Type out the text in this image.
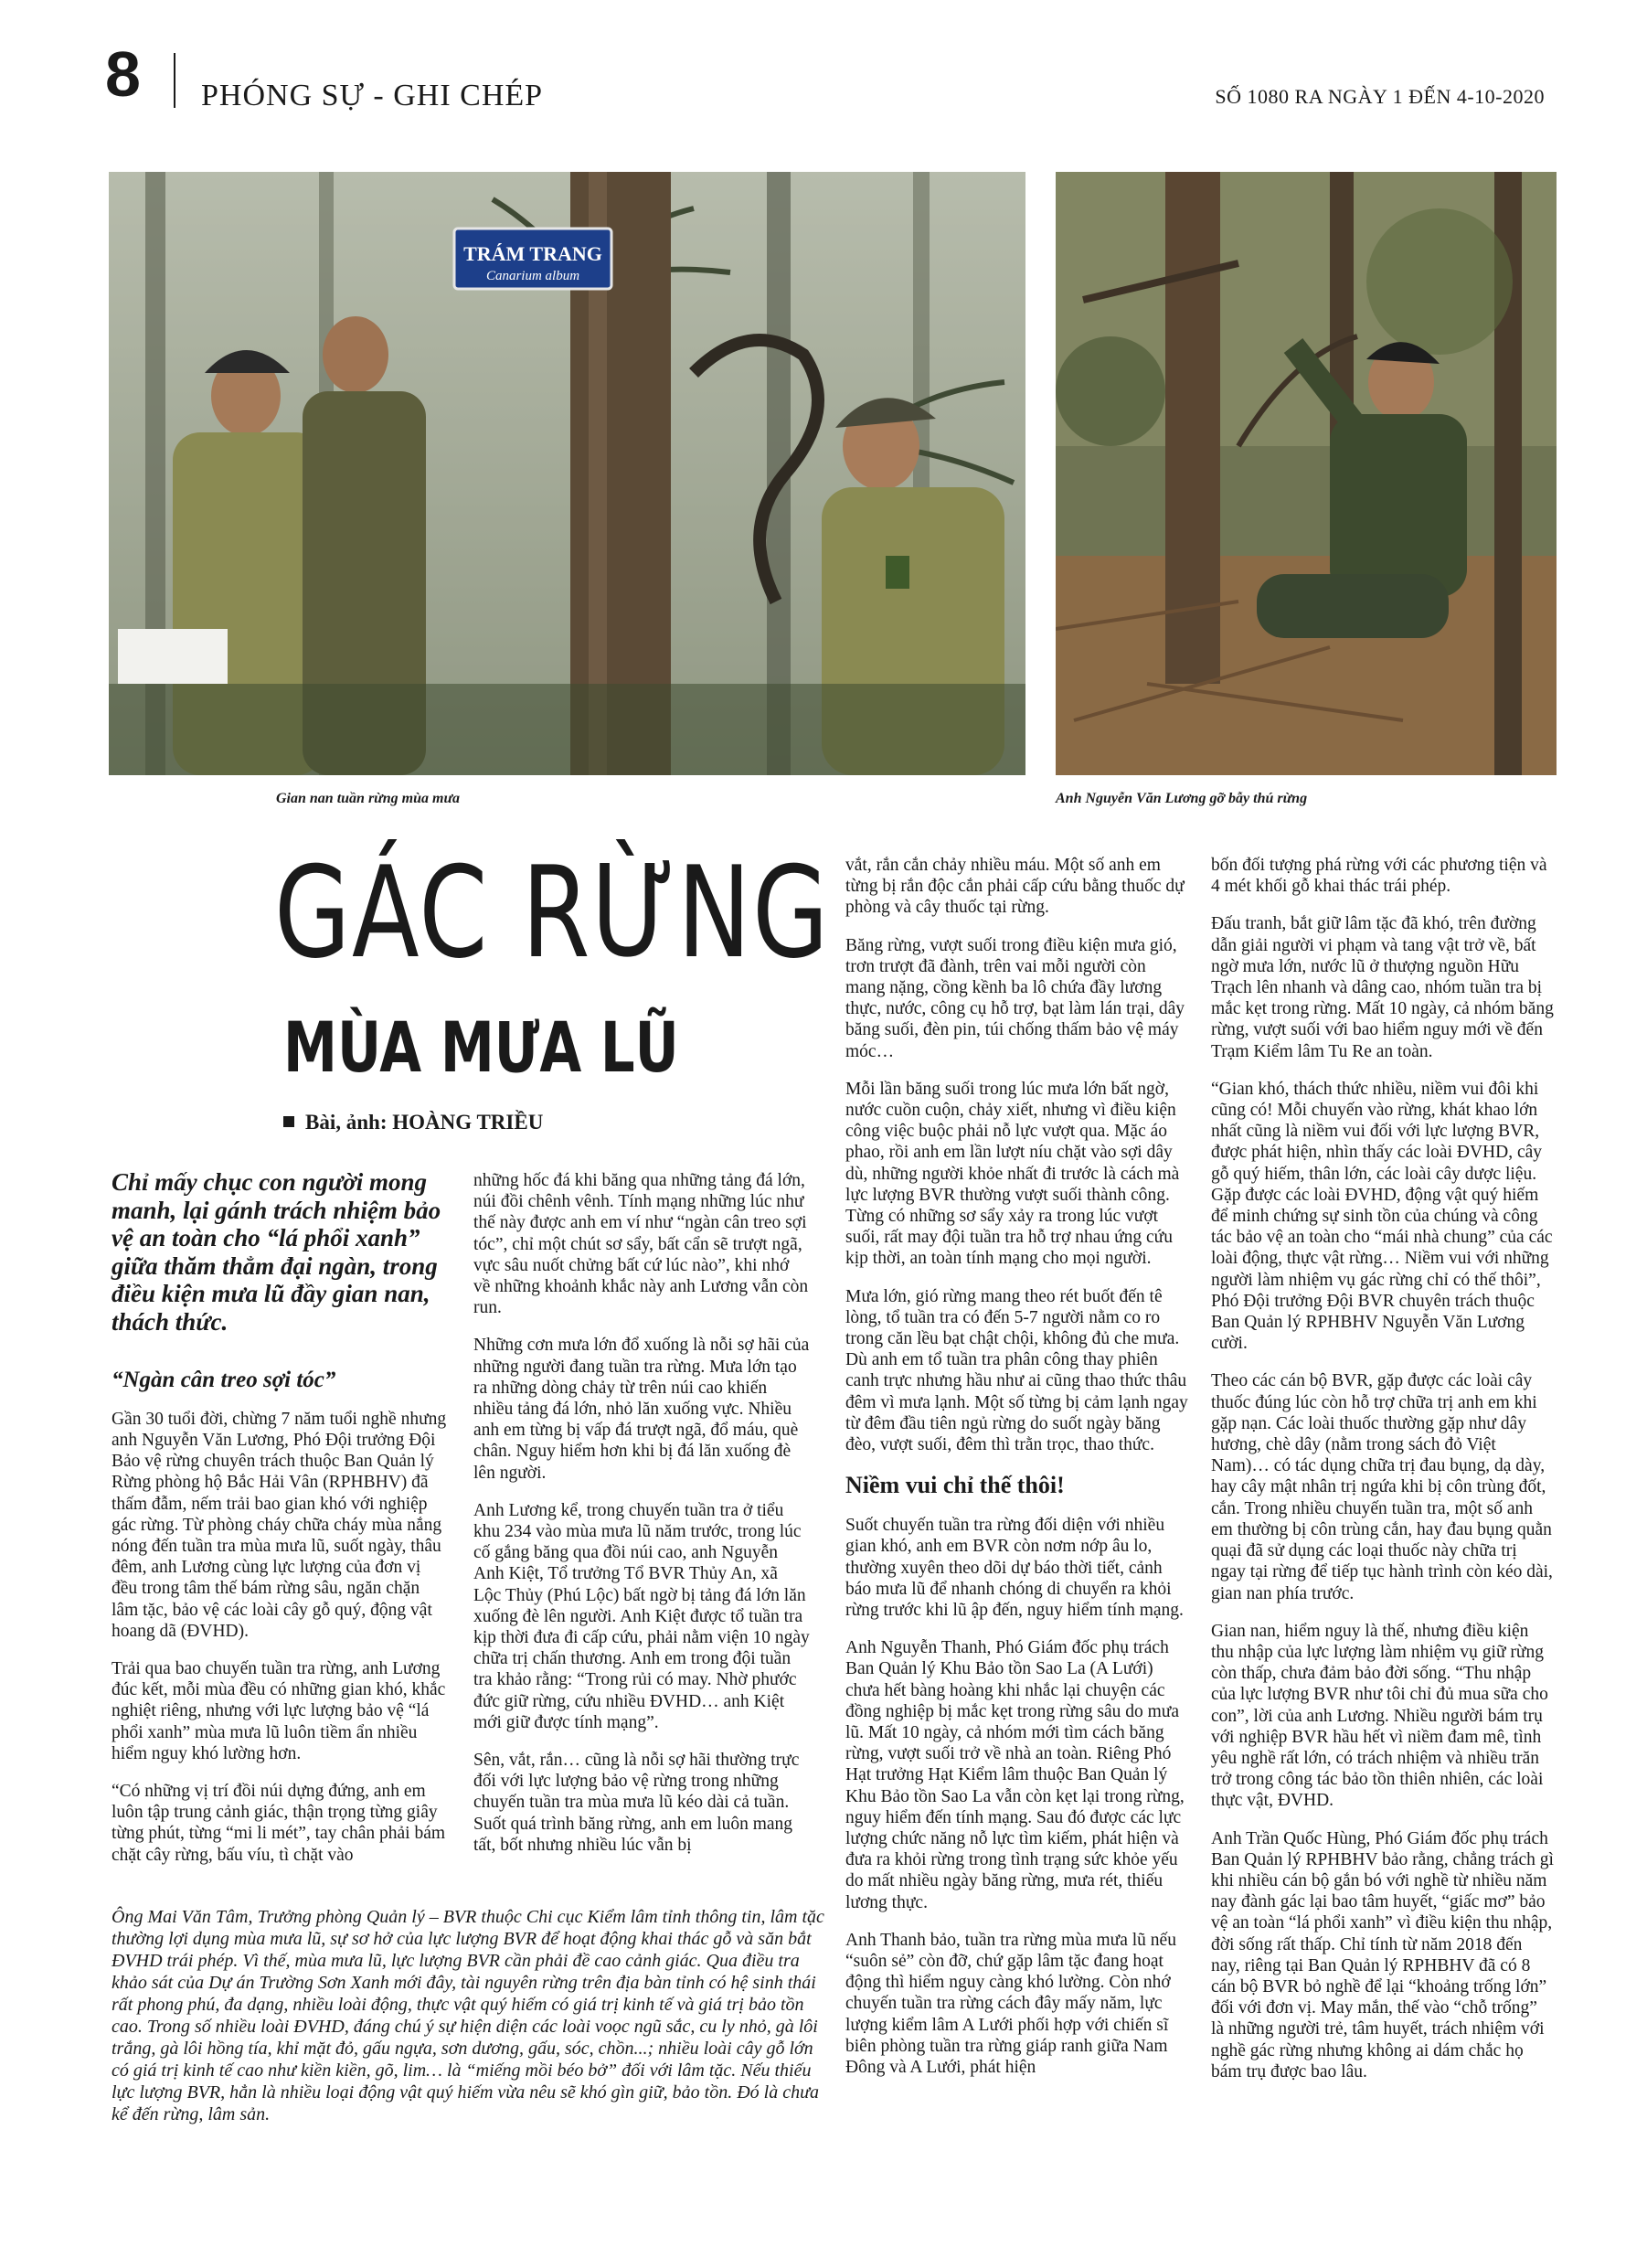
8 PHÓNG SỰ - GHI CHÉP	SỐ 1080 RA NGÀY 1 ĐẾN 4-10-2020
TRÁM TRANG
Canarium album
Gian nan tuần rừng mùa mưa	Anh Nguyễn Văn Lương gỡ bẫy thú rừng
GÁC RỪNG
MÙA MƯA LŨ
Bài, ảnh: HOÀNG TRIỀU
Chỉ mấy chục con người mong manh, lại gánh trách nhiệm bảo vệ an toàn cho “lá phổi xanh” giữa thăm thẳm đại ngàn, trong điều kiện mưa lũ đầy gian nan, thách thức.
“Ngàn cân treo sợi tóc”

Gần 30 tuổi đời, chừng 7 năm tuổi nghề nhưng anh Nguyễn Văn Lương, Phó Đội trưởng Đội Bảo vệ rừng chuyên trách thuộc Ban Quản lý Rừng phòng hộ Bắc Hải Vân (RPHBHV) đã thấm đẫm, nếm trải bao gian khó với nghiệp gác rừng. Từ phòng cháy chữa cháy mùa nắng nóng đến tuần tra mùa mưa lũ, suốt ngày, thâu đêm, anh Lương cùng lực lượng của đơn vị đều trong tâm thế bám rừng sâu, ngăn chặn lâm tặc, bảo vệ các loài cây gỗ quý, động vật hoang dã (ĐVHD).

Trải qua bao chuyến tuần tra rừng, anh Lương đúc kết, mỗi mùa đều có những gian khó, khắc nghiệt riêng, nhưng với lực lượng bảo vệ “lá phổi xanh” mùa mưa lũ luôn tiềm ẩn nhiều hiểm nguy khó lường hơn.

“Có những vị trí đồi núi dựng đứng, anh em luôn tập trung cảnh giác, thận trọng từng giây từng phút, từng “mi li mét”, tay chân phải bám chặt cây rừng, bấu víu, tì chặt vào

những hốc đá khi băng qua những tảng đá lớn, núi đồi chênh vênh. Tính mạng những lúc như thế này được anh em ví như “ngàn cân treo sợi tóc”, chỉ một chút sơ sẩy, bất cẩn sẽ trượt ngã, vực sâu nuốt chửng bất cứ lúc nào”, khi nhớ về những khoảnh khắc này anh Lương vẫn còn run.

Những cơn mưa lớn đổ xuống là nỗi sợ hãi của những người đang tuần tra rừng. Mưa lớn tạo ra những dòng chảy từ trên núi cao khiến nhiều tảng đá lớn, nhỏ lăn xuống vực. Nhiều anh em từng bị vấp đá trượt ngã, đổ máu, què chân. Nguy hiểm hơn khi bị đá lăn xuống đè lên người.

Anh Lương kể, trong chuyến tuần tra ở tiểu khu 234 vào mùa mưa lũ năm trước, trong lúc cố gắng băng qua đồi núi cao, anh Nguyễn Anh Kiệt, Tổ trưởng Tổ BVR Thủy An, xã Lộc Thủy (Phú Lộc) bất ngờ bị tảng đá lớn lăn xuống đè lên người. Anh Kiệt được tổ tuần tra kịp thời đưa đi cấp cứu, phải nằm viện 10 ngày chữa trị chấn thương. Anh em trong đội tuần tra khảo rằng: “Trong rủi có may. Nhờ phước đức giữ rừng, cứu nhiều ĐVHD… anh Kiệt mới giữ được tính mạng”.

Sên, vắt, rắn… cũng là nỗi sợ hãi thường trực đối với lực lượng bảo vệ rừng trong những chuyến tuần tra mùa mưa lũ kéo dài cả tuần. Suốt quá trình băng rừng, anh em luôn mang tất, bốt nhưng nhiều lúc vẫn bị

Ông Mai Văn Tâm, Trưởng phòng Quản lý – BVR thuộc Chi cục Kiểm lâm tỉnh thông tin, lâm tặc thường lợi dụng mùa mưa lũ, sự sơ hở của lực lượng BVR để hoạt động khai thác gỗ và săn bắt ĐVHD trái phép. Vì thế, mùa mưa lũ, lực lượng BVR cần phải đề cao cảnh giác. Qua điều tra khảo sát của Dự án Trường Sơn Xanh mới đây, tài nguyên rừng trên địa bàn tỉnh có hệ sinh thái rất phong phú, đa dạng, nhiều loài động, thực vật quý hiếm có giá trị kinh tế và giá trị bảo tồn cao. Trong số nhiều loài ĐVHD, đáng chú ý sự hiện diện các loài voọc ngũ sắc, cu ly nhỏ, gà lôi trắng, gà lôi hồng tía, khỉ mặt đỏ, gấu ngựa, sơn dương, gấu, sóc, chồn...; nhiều loài cây gỗ lớn có giá trị kinh tế cao như kiền kiền, gõ, lim… là “miếng mồi béo bở” đối với lâm tặc. Nếu thiếu lực lượng BVR, hẳn là nhiều loại động vật quý hiếm vừa nêu sẽ khó gìn giữ, bảo tồn. Đó là chưa kể đến rừng, lâm sản.

vắt, rắn cắn chảy nhiều máu. Một số anh em từng bị rắn độc cắn phải cấp cứu bằng thuốc dự phòng và cây thuốc tại rừng.

Băng rừng, vượt suối trong điều kiện mưa gió, trơn trượt đã đành, trên vai mỗi người còn mang nặng, cồng kềnh ba lô chứa đầy lương thực, nước, công cụ hỗ trợ, bạt làm lán trại, dây băng suối, đèn pin, túi chống thấm bảo vệ máy móc…

Mỗi lần băng suối trong lúc mưa lớn bất ngờ, nước cuồn cuộn, chảy xiết, nhưng vì điều kiện công việc buộc phải nỗ lực vượt qua. Mặc áo phao, rồi anh em lần lượt níu chặt vào sợi dây dù, những người khỏe nhất đi trước là cách mà lực lượng BVR thường vượt suối thành công. Từng có những sơ sẩy xảy ra trong lúc vượt suối, rất may đội tuần tra hỗ trợ nhau ứng cứu kịp thời, an toàn tính mạng cho mọi người.

Mưa lớn, gió rừng mang theo rét buốt đến tê lòng, tổ tuần tra có đến 5-7 người nằm co ro trong căn lều bạt chật chội, không đủ che mưa. Dù anh em tổ tuần tra phân công thay phiên canh trực nhưng hầu như ai cũng thao thức thâu đêm vì mưa lạnh. Một số từng bị cảm lạnh ngay từ đêm đầu tiên ngủ rừng do suốt ngày băng đèo, vượt suối, đêm thì trằn trọc, thao thức.

Niềm vui chỉ thế thôi!

Suốt chuyến tuần tra rừng đối diện với nhiều gian khó, anh em BVR còn nơm nớp âu lo, thường xuyên theo dõi dự báo thời tiết, cảnh báo mưa lũ để nhanh chóng di chuyển ra khỏi rừng trước khi lũ ập đến, nguy hiểm tính mạng.

Anh Nguyễn Thanh, Phó Giám đốc phụ trách Ban Quản lý Khu Bảo tồn Sao La (A Lưới) chưa hết bàng hoàng khi nhắc lại chuyện các đồng nghiệp bị mắc kẹt trong rừng sâu do mưa lũ. Mất 10 ngày, cả nhóm mới tìm cách băng rừng, vượt suối trở về nhà an toàn. Riêng Phó Hạt trưởng Hạt Kiểm lâm thuộc Ban Quản lý Khu Bảo tồn Sao La vẫn còn kẹt lại trong rừng, nguy hiểm đến tính mạng. Sau đó được các lực lượng chức năng nỗ lực tìm kiếm, phát hiện và đưa ra khỏi rừng trong tình trạng sức khỏe yếu do mất nhiều ngày băng rừng, mưa rét, thiếu lương thực.

Anh Thanh bảo, tuần tra rừng mùa mưa lũ nếu “suôn sẻ” còn đỡ, chứ gặp lâm tặc đang hoạt động thì hiểm nguy càng khó lường. Còn nhớ chuyến tuần tra rừng cách đây mấy năm, lực lượng kiểm lâm A Lưới phối hợp với chiến sĩ biên phòng tuần tra rừng giáp ranh giữa Nam Đông và A Lưới, phát hiện

bốn đối tượng phá rừng với các phương tiện và 4 mét khối gỗ khai thác trái phép.

Đấu tranh, bắt giữ lâm tặc đã khó, trên đường dẫn giải người vi phạm và tang vật trở về, bất ngờ mưa lớn, nước lũ ở thượng nguồn Hữu Trạch lên nhanh và dâng cao, nhóm tuần tra bị mắc kẹt trong rừng. Mất 10 ngày, cả nhóm băng rừng, vượt suối với bao hiểm nguy mới về đến Trạm Kiểm lâm Tu Re an toàn.

“Gian khó, thách thức nhiều, niềm vui đôi khi cũng có! Mỗi chuyến vào rừng, khát khao lớn nhất cũng là niềm vui đối với lực lượng BVR, được phát hiện, nhìn thấy các loài ĐVHD, cây gỗ quý hiếm, thân lớn, các loài cây dược liệu. Gặp được các loài ĐVHD, động vật quý hiếm để minh chứng sự sinh tồn của chúng và công tác bảo vệ an toàn cho “mái nhà chung” của các loài động, thực vật rừng… Niềm vui với những người làm nhiệm vụ gác rừng chỉ có thế thôi”, Phó Đội trưởng Đội BVR chuyên trách thuộc Ban Quản lý RPHBHV Nguyễn Văn Lương cười.

Theo các cán bộ BVR, gặp được các loài cây thuốc đúng lúc còn hỗ trợ chữa trị anh em khi gặp nạn. Các loài thuốc thường gặp như dây hương, chè dây (nằm trong sách đỏ Việt Nam)… có tác dụng chữa trị đau bụng, dạ dày, hay cây mật nhân trị ngứa khi bị côn trùng đốt, cắn. Trong nhiều chuyến tuần tra, một số anh em thường bị côn trùng cắn, hay đau bụng quằn quại đã sử dụng các loại thuốc này chữa trị ngay tại rừng để tiếp tục hành trình còn kéo dài, gian nan phía trước.

Gian nan, hiểm nguy là thế, nhưng điều kiện thu nhập của lực lượng làm nhiệm vụ giữ rừng còn thấp, chưa đảm bảo đời sống. “Thu nhập của lực lượng BVR như tôi chỉ đủ mua sữa cho con”, lời của anh Lương. Nhiều người bám trụ với nghiệp BVR hầu hết vì niềm đam mê, tình yêu nghề rất lớn, có trách nhiệm và nhiều trăn trở trong công tác bảo tồn thiên nhiên, các loài thực vật, ĐVHD.

Anh Trần Quốc Hùng, Phó Giám đốc phụ trách Ban Quản lý RPHBHV bảo rằng, chẳng trách gì khi nhiều cán bộ gắn bó với nghề từ nhiều năm nay đành gác lại bao tâm huyết, “giấc mơ” bảo vệ an toàn “lá phổi xanh” vì điều kiện thu nhập, đời sống rất thấp. Chỉ tính từ năm 2018 đến nay, riêng tại Ban Quản lý RPHBHV đã có 8 cán bộ BVR bỏ nghề để lại “khoảng trống lớn” đối với đơn vị. May mắn, thế vào “chỗ trống” là những người trẻ, tâm huyết, trách nhiệm với nghề gác rừng nhưng không ai dám chắc họ bám trụ được bao lâu.
